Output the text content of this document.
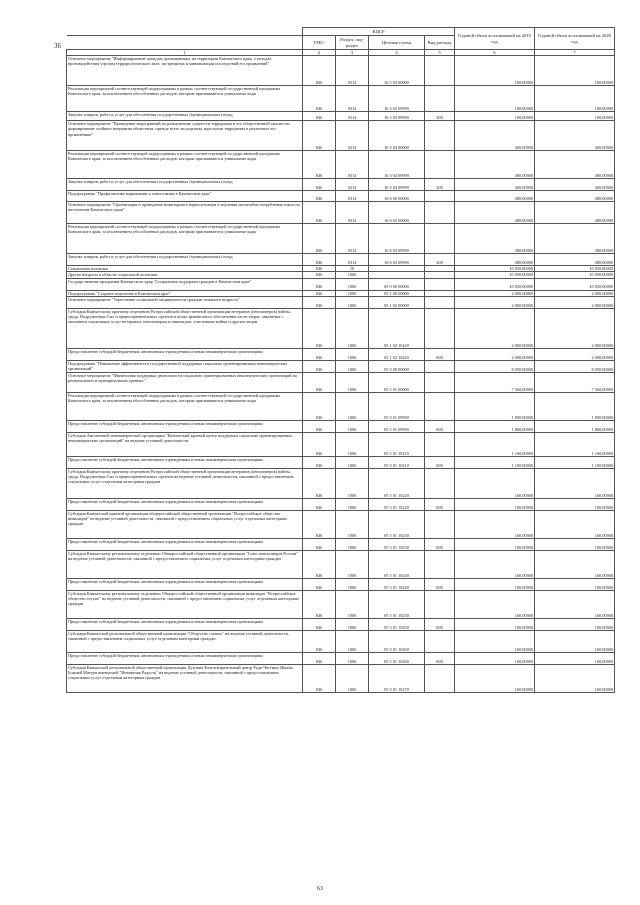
36
	КЦСР				Годовой объем ассигнований на 2019 год	Годовой объем ассигнований на 2020 год
	ГРБС	Раздел, под-раздел	Целевая статья	Вид расхода		
1	2	3	4	5	6	7
Основное мероприятие "Информирование граждан, проживающих на территории Камчатского края, о методах противодействия угрозам террористического акта, экстремизма и минимизации последствий его проявлений"	846	0314	16 5 03 00000		100,00000	100,00000
Реализация мероприятий соответствующей подпрограммы в рамках соответствующей государственной программы Камчатского края, за исключением обособленных расходов, которым присваиваются уникальные коды	846	0314	16 5 03 09990		100,00000	100,00000
Закупка товаров, работ и услуг для обеспечения государственных (муниципальных) нужд	846	0314	16 5 03 09990	200	100,00000	100,00000
Основное мероприятие "Проведение мероприятий по разъяснению сущности терроризма и его общественной опасности, формирование стойкого неприятия обществом, прежде всего молодежью, идеологии терроризма в различных его проявлениях"	846	0314	16 5 04 00000		400,00000	400,00000
Реализация мероприятий соответствующей подпрограммы в рамках соответствующей государственной программы Камчатского края, за исключением обособленных расходов, которым присваиваются уникальные коды	846	0314	16 5 04 09990		400,00000	400,00000
Закупка товаров, работ и услуг для обеспечения государственных (муниципальных) нужд	846	0314	16 5 04 09990	200	400,00000	400,00000
Подпрограмма "Профилактика наркомании и алкоголизма в Камчатском крае"	846	0314	16 6 00 00000		280,00000	280,00000
Основное мероприятие "Организация и проведение мониторинга наркоситуации и изучения масштабов потребления алкоголя населением Камчатского края"	846	0314	16 6 03 00000		280,00000	280,00000
Реализация мероприятий соответствующей подпрограммы в рамках соответствующей государственной программы Камчатского края, за исключением обособленных расходов, которым присваиваются уникальные коды	846	0314	16 6 03 09990		280,00000	280,00000
Закупка товаров, работ и услуг для обеспечения государственных (муниципальных) нужд	846	0314	16 6 03 09990	200	280,00000	280,00000
Социальная политика	846	10			10 050,00000	10 050,00000
Другие вопросы в области социальной политики	846	1006			10 050,00000	10 050,00000
Государственная программа Камчатского края "Социальная поддержка граждан в Камчатском крае"	846	1006	05 0 00 00000		10 050,00000	10 050,00000
Подпрограмма "Старшее поколение в Камчатском крае"	846	1006	05 1 00 00000		2 000,00000	2 000,00000
Основное мероприятие "Укрепление социальной защищенности граждан пожилого возраста"	846	1006	05 1 02 00000		2 000,00000	2 000,00000
Субсидия Камчатскому краевому отделению Всероссийской общественной организации ветеранов (пенсионеров) войны, труда, Вооруженных Сил и правоохранительных органов в целях финансового обеспечения части затрат, связанных с оказанием социальных услуг ветеранам, пенсионерам и инвалидам, участникам войны и другим лицам	846	1006	05 1 02 10420		2 000,00000	2 000,00000
Предоставление субсидий бюджетным, автономным учреждениям и иным некоммерческим организациям	846	1006	05 1 02 10420	600	2 000,00000	2 000,00000
Подпрограмма "Повышение эффективности государственной поддержки социально ориентированных некоммерческих организаций"	846	1006	05 5 00 00000		8 050,00000	8 050,00000
Основное мероприятие "Финансовая поддержка деятельности социально ориентированных некоммерческих организаций на региональном и муниципальном уровнях"	846	1006	05 5 01 00000		7 560,00000	7 560,00000
Реализация мероприятий соответствующей подпрограммы в рамках соответствующей государственной программы Камчатского края, за исключением обособленных расходов, которым присваиваются уникальные коды	846	1006	05 5 01 09990		1 800,00000	1 800,00000
Предоставление субсидий бюджетным, автономным учреждениям и иным некоммерческим организациям	846	1006	05 5 01 09990	600	1 800,00000	1 800,00000
Субсидия Автономной некоммерческой организации "Камчатский краевой центр поддержки социально ориентированных некоммерческих организаций" на ведение уставной деятельности	846	1006	05 5 01 10210		1 100,00000	1 100,00000
Предоставление субсидий бюджетным, автономным учреждениям и иным некоммерческим организациям	846	1006	05 5 01 10210	600	1 100,00000	1 100,00000
Субсидия Камчатскому краевому отделению Всероссийской общественной организации ветеранов (пенсионеров) войны, труда, Вооруженных Сил и правоохранительных органов на ведение уставной деятельности, связанной с предоставлением социальных услуг отдельным категориям граждан	846	1006	05 5 01 10220		160,00000	160,00000
Предоставление субсидий бюджетным, автономным учреждениям и иным некоммерческим организациям	846	1006	05 5 01 10220	600	160,00000	160,00000
Субсидия Камчатской краевой организации общероссийской общественной организации "Всероссийское общество инвалидов" на ведение уставной деятельности, связанной с предоставлением социальных услуг отдельным категориям граждан	846	1006	05 5 01 10230		160,00000	160,00000
Предоставление субсидий бюджетным, автономным учреждениям и иным некоммерческим организациям	846	1006	05 5 01 10230	600	160,00000	160,00000
Субсидия Камчатскому региональному отделению Общероссийской общественной организации "Союз пенсионеров России" на ведение уставной деятельности, связанной с предоставлением социальных услуг отдельным категориям граждан	846	1006	05 5 01 10240		160,00000	160,00000
Предоставление субсидий бюджетным, автономным учреждениям и иным некоммерческим организациям	846	1006	05 5 01 10240	600	160,00000	160,00000
Субсидия Камчатскому региональному отделению Общероссийской общественной организации инвалидов "Всероссийское общество глухих" на ведение уставной деятельности, связанной с предоставлением социальных услуг отдельным категориям граждан	846	1006	05 5 01 10250		160,00000	160,00000
Предоставление субсидий бюджетным, автономным учреждениям и иным некоммерческим организациям	846	1006	05 5 01 10250	600	160,00000	160,00000
Субсидия Камчатской региональной общественной организации "Общество слепых" на ведение уставной деятельности, связанной с предоставлением социальных услуг отдельным категориям граждан	846	1006	05 5 01 10260		160,00000	160,00000
Предоставление субсидий бюджетным, автономным учреждениям и иным некоммерческим организациям	846	1006	05 5 01 10260	600	160,00000	160,00000
Субсидия Камчатской региональной общественной организации Духовно-Благотворительный центр Ради Честных Иконы Божией Матери именуемой "Нечаянная Радость" на ведение уставной деятельности, связанной с предоставлением социальных услуг отдельным категориям граждан	846	1006	05 5 01 10270		160,00000	160,00000
63
